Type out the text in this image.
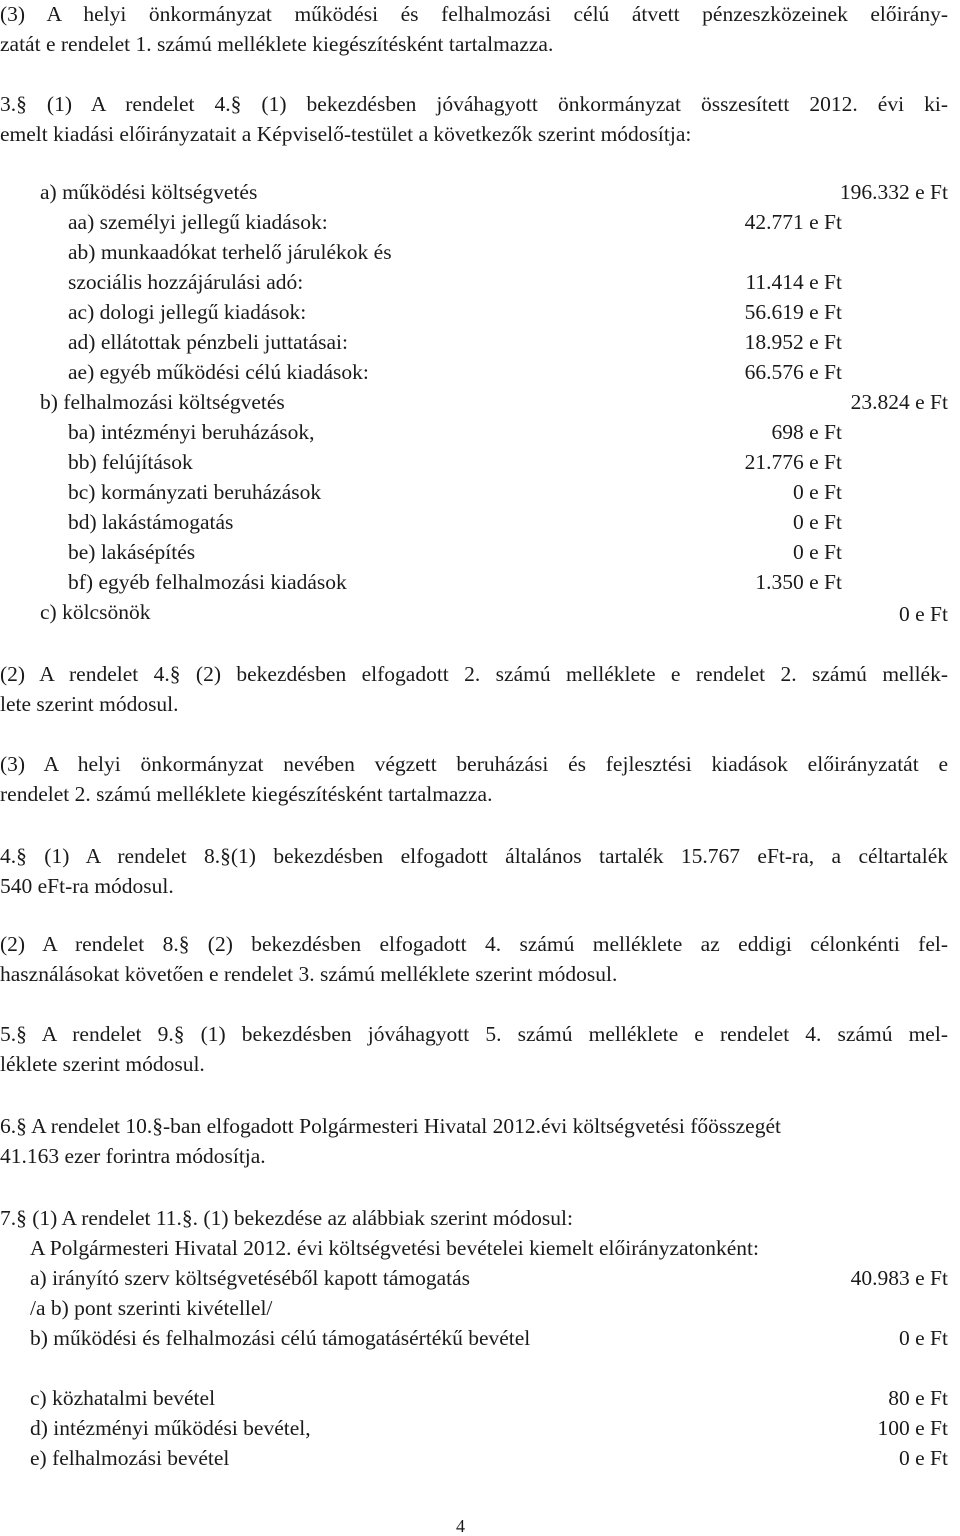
(3) A helyi önkormányzat működési és felhalmozási célú átvett pénzeszközeinek előirány-
zatát e rendelet 1. számú melléklete kiegészítésként tartalmazza.
3.§ (1) A rendelet 4.§ (1) bekezdésben jóváhagyott önkormányzat összesített 2012. évi ki-
emelt kiadási előirányzatait a Képviselő-testület a következők szerint módosítja:
a) működési költségvetés	196.332 e Ft
aa) személyi jellegű kiadások:	42.771 e Ft
ab) munkaadókat terhelő járulékok és
szociális hozzájárulási adó:	11.414 e Ft
ac) dologi jellegű kiadások:	56.619 e Ft
ad) ellátottak pénzbeli juttatásai:	18.952 e Ft
ae) egyéb működési célú kiadások:	66.576 e Ft
b) felhalmozási költségvetés	23.824 e Ft
ba) intézményi beruházások,	698 e Ft
bb) felújítások	21.776 e Ft
bc) kormányzati beruházások	0 e Ft
bd) lakástámogatás	0 e Ft
be) lakásépítés	0 e Ft
bf) egyéb felhalmozási kiadások	1.350 e Ft
c) kölcsönök	0 e Ft
(2) A rendelet 4.§ (2) bekezdésben elfogadott 2. számú melléklete e rendelet 2. számú mellék-
lete szerint módosul.
(3) A helyi önkormányzat nevében végzett beruházási és fejlesztési kiadások előirányzatát e
rendelet 2. számú melléklete kiegészítésként tartalmazza.
4.§ (1) A rendelet 8.§(1) bekezdésben elfogadott általános tartalék 15.767 eFt-ra, a céltartalék
540 eFt-ra módosul.
(2) A rendelet 8.§ (2) bekezdésben elfogadott 4. számú melléklete az eddigi célonkénti fel-
használásokat követően e rendelet 3. számú melléklete szerint módosul.
5.§ A rendelet 9.§ (1) bekezdésben jóváhagyott 5. számú melléklete e rendelet 4. számú mel-
léklete szerint módosul.
6.§ A rendelet 10.§-ban elfogadott Polgármesteri Hivatal 2012.évi költségvetési főösszegét
41.163 ezer forintra módosítja.
7.§ (1) A rendelet 11.§. (1) bekezdése az alábbiak szerint módosul:
A Polgármesteri Hivatal 2012. évi költségvetési bevételei kiemelt előirányzatonként:
a) irányító szerv költségvetéséből kapott támogatás	40.983 e Ft
/a b) pont szerinti kivétellel/
b) működési és felhalmozási célú támogatásértékű bevétel	0 e Ft
c) közhatalmi bevétel	80 e Ft
d) intézményi működési bevétel,	100 e Ft
e) felhalmozási bevétel	0 e Ft
4
